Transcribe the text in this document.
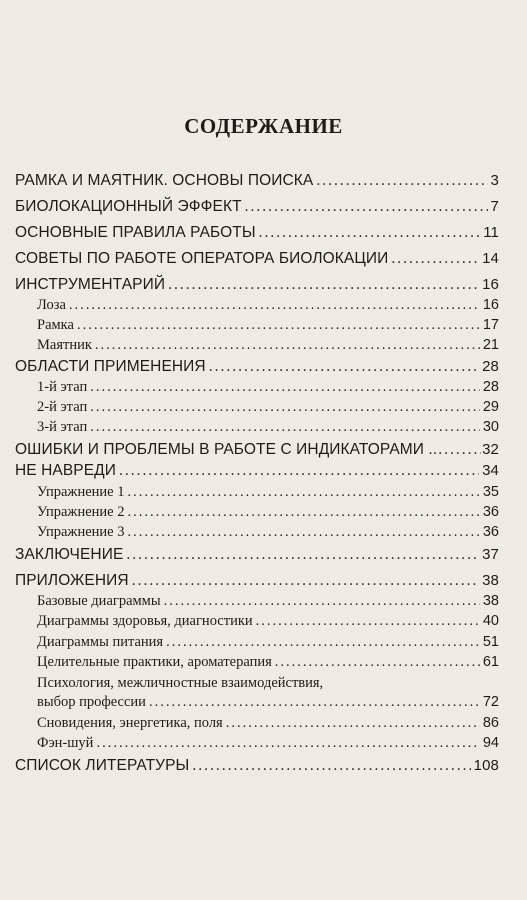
СОДЕРЖАНИЕ
РАМКА И МАЯТНИК. ОСНОВЫ ПОИСКА .....	3
БИОЛОКАЦИОННЫЙ ЭФФЕКТ .....	7
ОСНОВНЫЕ ПРАВИЛА РАБОТЫ .....	11
СОВЕТЫ ПО РАБОТЕ ОПЕРАТОРА БИОЛОКАЦИИ .....	14
ИНСТРУМЕНТАРИЙ .....	16
Лоза .....	16
Рамка .....	17
Маятник .....	21
ОБЛАСТИ ПРИМЕНЕНИЯ .....	28
1-й этап .....	28
2-й этап .....	29
3-й этап .....	30
ОШИБКИ И ПРОБЛЕМЫ В РАБОТЕ С ИНДИКАТОРАМИ .. .....	32
НЕ НАВРЕДИ .....	34
Упражнение 1 .....	35
Упражнение 2 .....	36
Упражнение 3 .....	36
ЗАКЛЮЧЕНИЕ .....	37
ПРИЛОЖЕНИЯ .....	38
Базовые диаграммы .....	38
Диаграммы здоровья, диагностики .....	40
Диаграммы питания .....	51
Целительные практики, ароматерапия .....	61
Психология, межличностные взаимодействия,
выбор профессии .....	72
Сновидения, энергетика, поля .....	86
Фэн-шуй .....	94
СПИСОК ЛИТЕРАТУРЫ .....	108
